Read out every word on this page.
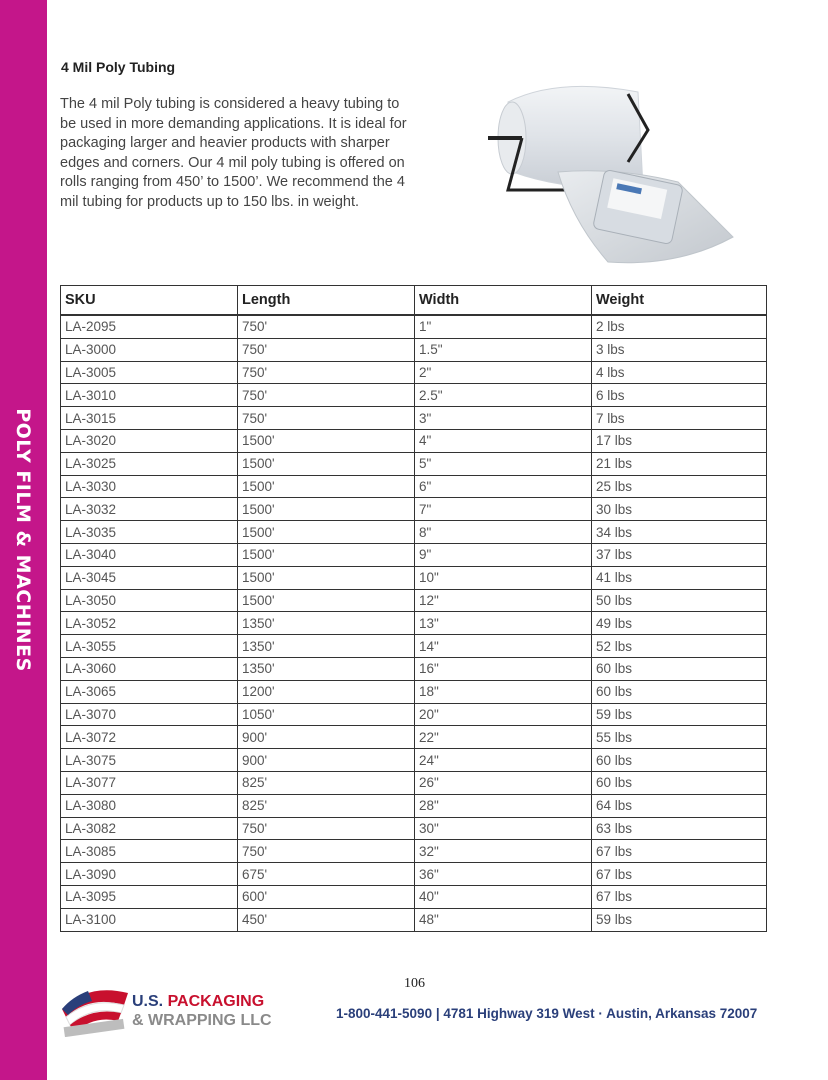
POLY FILM & MACHINES
4 Mil Poly Tubing
The 4 mil Poly tubing is considered a heavy tubing to be used in more demanding applications. It is ideal for packaging larger and heavier products with sharper edges and corners. Our 4 mil poly tubing is offered on rolls ranging from 450’ to 1500’. We recommend the 4 mil tubing for products up to 150 lbs. in weight.
SKU	Length	Width	Weight
LA-2095	750'	1"	2 lbs
LA-3000	750'	1.5"	3 lbs
LA-3005	750'	2"	4 lbs
LA-3010	750'	2.5"	6 lbs
LA-3015	750'	3"	7 lbs
LA-3020	1500'	4"	17 lbs
LA-3025	1500'	5"	21 lbs
LA-3030	1500'	6"	25 lbs
LA-3032	1500'	7"	30 lbs
LA-3035	1500'	8"	34 lbs
LA-3040	1500'	9"	37 lbs
LA-3045	1500'	10"	41 lbs
LA-3050	1500'	12"	50 lbs
LA-3052	1350'	13"	49 lbs
LA-3055	1350'	14"	52 lbs
LA-3060	1350'	16"	60 lbs
LA-3065	1200'	18"	60 lbs
LA-3070	1050'	20"	59 lbs
LA-3072	900'	22"	55 lbs
LA-3075	900'	24"	60 lbs
LA-3077	825'	26"	60 lbs
LA-3080	825'	28"	64 lbs
LA-3082	750'	30"	63 lbs
LA-3085	750'	32"	67 lbs
LA-3090	675'	36"	67 lbs
LA-3095	600'	40"	67 lbs
LA-3100	450'	48"	59 lbs
106
U.S. PACKAGING
& WRAPPING LLC	1-800-441-5090 | 4781 Highway 319 West · Austin, Arkansas 72007
